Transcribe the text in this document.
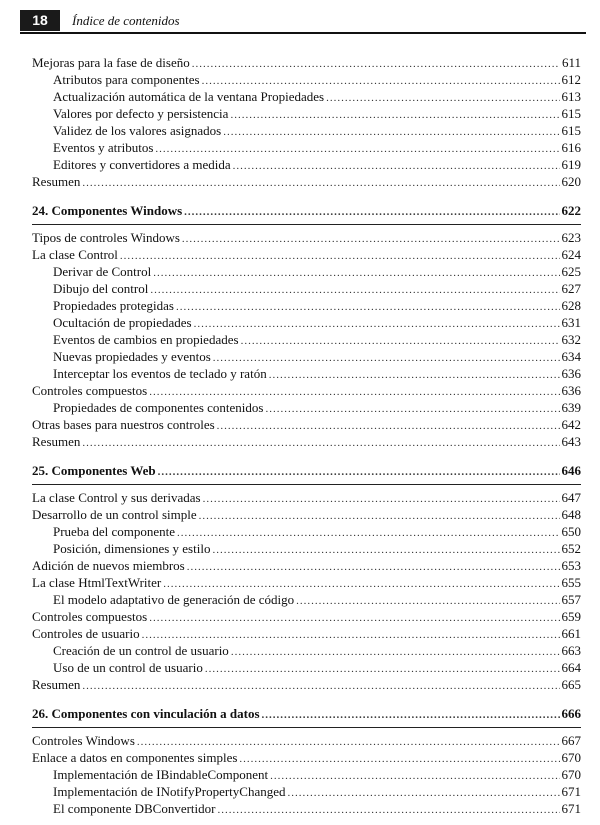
18	Índice de contenidos
Mejoras para la fase de diseño .....	611
Atributos para componentes .....	612
Actualización automática de la ventana Propiedades .....	613
Valores por defecto y persistencia .....	615
Validez de los valores asignados .....	615
Eventos y atributos .....	616
Editores y convertidores a medida .....	619
Resumen .....	620
24. Componentes Windows .....	622
Tipos de controles Windows .....	623
La clase Control .....	624
Derivar de Control .....	625
Dibujo del control .....	627
Propiedades protegidas .....	628
Ocultación de propiedades .....	631
Eventos de cambios en propiedades .....	632
Nuevas propiedades y eventos .....	634
Interceptar los eventos de teclado y ratón .....	636
Controles compuestos .....	636
Propiedades de componentes contenidos .....	639
Otras bases para nuestros controles .....	642
Resumen .....	643
25. Componentes Web .....	646
La clase Control y sus derivadas .....	647
Desarrollo de un control simple .....	648
Prueba del componente .....	650
Posición, dimensiones y estilo .....	652
Adición de nuevos miembros .....	653
La clase HtmlTextWriter .....	655
El modelo adaptativo de generación de código .....	657
Controles compuestos .....	659
Controles de usuario .....	661
Creación de un control de usuario .....	663
Uso de un control de usuario .....	664
Resumen .....	665
26. Componentes con vinculación a datos .....	666
Controles Windows .....	667
Enlace a datos en componentes simples .....	670
Implementación de IBindableComponent .....	670
Implementación de INotifyPropertyChanged .....	671
El componente DBConvertidor .....	671
